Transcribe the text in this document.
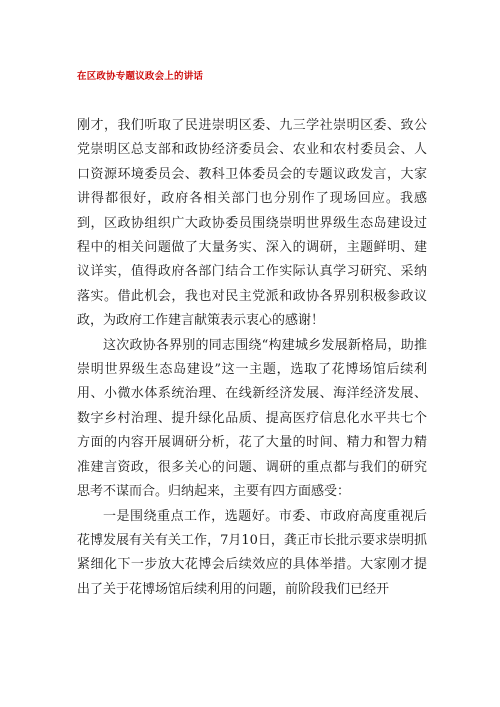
在区政协专题议政会上的讲话

刚才，我们听取了民进崇明区委、九三学社崇明区委、致公党崇明区总支部和政协经济委员会、农业和农村委员会、人口资源环境委员会、教科卫体委员会的专题议政发言，大家讲得都很好，政府各相关部门也分别作了现场回应。我感到，区政协组织广大政协委员围绕崇明世界级生态岛建设过程中的相关问题做了大量务实、深入的调研，主题鲜明、建议详实，值得政府各部门结合工作实际认真学习研究、采纳落实。借此机会，我也对民主党派和政协各界别积极参政议政，为政府工作建言献策表示衷心的感谢！

这次政协各界别的同志围绕“构建城乡发展新格局，助推崇明世界级生态岛建设”这一主题，选取了花博场馆后续利用、小微水体系统治理、在线新经济发展、海洋经济发展、数字乡村治理、提升绿化品质、提高医疗信息化水平共七个方面的内容开展调研分析，花了大量的时间、精力和智力精准建言资政，很多关心的问题、调研的重点都与我们的研究思考不谋而合。归纳起来，主要有四方面感受：

一是围绕重点工作，选题好。市委、市政府高度重视后花博发展有关有关工作，7月10日，龚正市长批示要求崇明抓紧细化下一步放大花博会后续效应的具体举措。大家刚才提出了关于花博场馆后续利用的问题，前阶段我们已经开
